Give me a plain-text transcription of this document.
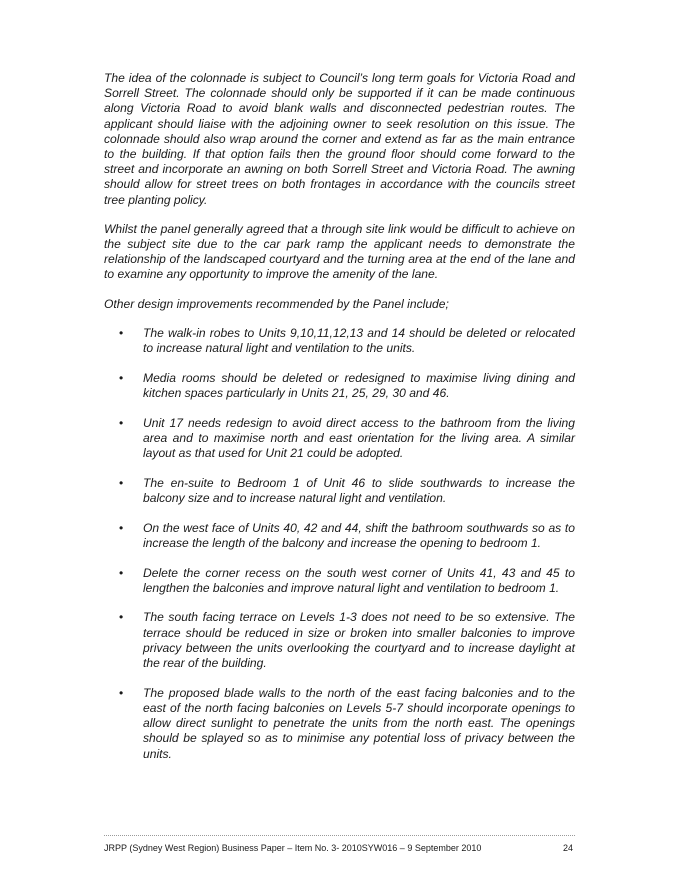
The idea of the colonnade is subject to Council’s long term goals for Victoria Road and Sorrell Street. The colonnade should only be supported if it can be made continuous along Victoria Road to avoid blank walls and disconnected pedestrian routes. The applicant should liaise with the adjoining owner to seek resolution on this issue. The colonnade should also wrap around the corner and extend as far as the main entrance to the building. If that option fails then the ground floor should come forward to the street and incorporate an awning on both Sorrell Street and Victoria Road. The awning should allow for street trees on both frontages in accordance with the councils street tree planting policy.

Whilst the panel generally agreed that a through site link would be difficult to achieve on the subject site due to the car park ramp the applicant needs to demonstrate the relationship of the landscaped courtyard and the turning area at the end of the lane and to examine any opportunity to improve the amenity of the lane.

Other design improvements recommended by the Panel include;

• The walk-in robes to Units 9,10,11,12,13 and 14 should be deleted or relocated to increase natural light and ventilation to the units.
• Media rooms should be deleted or redesigned to maximise living dining and kitchen spaces particularly in Units 21, 25, 29, 30 and 46.
• Unit 17 needs redesign to avoid direct access to the bathroom from the living area and to maximise north and east orientation for the living area. A similar layout as that used for Unit 21 could be adopted.
• The en-suite to Bedroom 1 of Unit 46 to slide southwards to increase the balcony size and to increase natural light and ventilation.
• On the west face of Units 40, 42 and 44, shift the bathroom southwards so as to increase the length of the balcony and increase the opening to bedroom 1.
• Delete the corner recess on the south west corner of Units 41, 43 and 45 to lengthen the balconies and improve natural light and ventilation to bedroom 1.
• The south facing terrace on Levels 1-3 does not need to be so extensive. The terrace should be reduced in size or broken into smaller balconies to improve privacy between the units overlooking the courtyard and to increase daylight at the rear of the building.
• The proposed blade walls to the north of the east facing balconies and to the east of the north facing balconies on Levels 5-7 should incorporate openings to allow direct sunlight to penetrate the units from the north east. The openings should be splayed so as to minimise any potential loss of privacy between the units.
JRPP (Sydney West Region) Business Paper – Item No. 3- 2010SYW016 – 9 September 2010	24
